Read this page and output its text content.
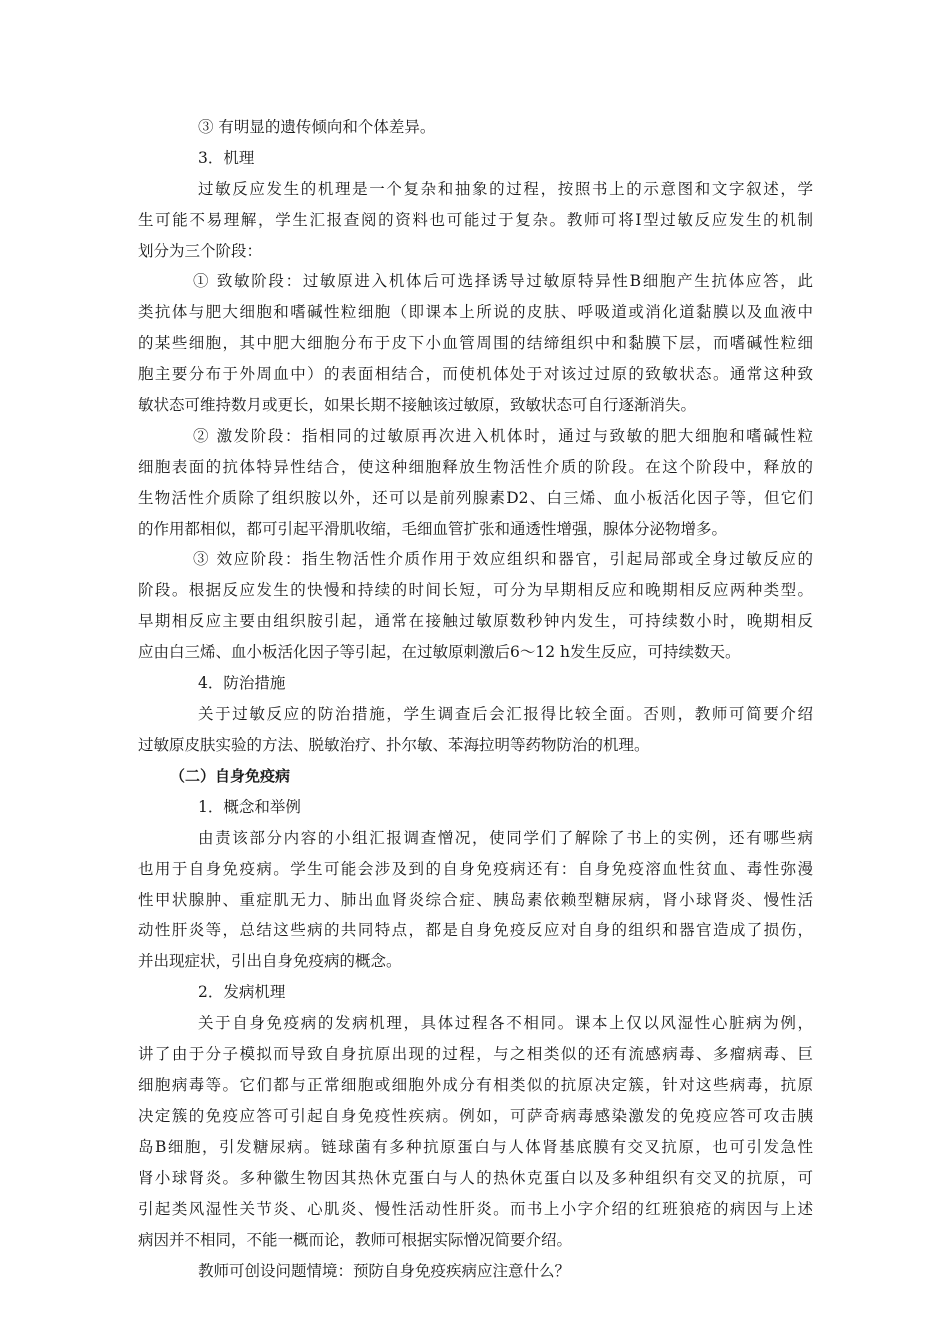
③ 有明显的遗传倾向和个体差异。
3．机理
过敏反应发生的机理是一个复杂和抽象的过程，按照书上的示意图和文字叙述，学
生可能不易理解，学生汇报查阅的资料也可能过于复杂。教师可将Ⅰ型过敏反应发生的机制
划分为三个阶段：
① 致敏阶段：过敏原进入机体后可选择诱导过敏原特异性B细胞产生抗体应答，此
类抗体与肥大细胞和嗜碱性粒细胞（即课本上所说的皮肤、呼吸道或消化道黏膜以及血液中
的某些细胞，其中肥大细胞分布于皮下小血管周围的结缔组织中和黏膜下层，而嗜碱性粒细
胞主要分布于外周血中）的表面相结合，而使机体处于对该过过原的致敏状态。通常这种致
敏状态可维持数月或更长，如果长期不接触该过敏原，致敏状态可自行逐渐消失。
② 激发阶段：指相同的过敏原再次进入机体时，通过与致敏的肥大细胞和嗜碱性粒
细胞表面的抗体特异性结合，使这种细胞释放生物活性介质的阶段。在这个阶段中，释放的
生物活性介质除了组织胺以外，还可以是前列腺素D2、白三烯、血小板活化因子等，但它们
的作用都相似，都可引起平滑肌收缩，毛细血管扩张和通透性增强，腺体分泌物增多。
③ 效应阶段：指生物活性介质作用于效应组织和器官，引起局部或全身过敏反应的
阶段。根据反应发生的快慢和持续的时间长短，可分为早期相反应和晚期相反应两种类型。
早期相反应主要由组织胺引起，通常在接触过敏原数秒钟内发生，可持续数小时，晚期相反
应由白三烯、血小板活化因子等引起，在过敏原刺激后6～12 h发生反应，可持续数天。
4．防治措施
关于过敏反应的防治措施，学生调查后会汇报得比较全面。否则，教师可简要介绍
过敏原皮肤实验的方法、脱敏治疗、扑尔敏、苯海拉明等药物防治的机理。
（二）自身免疫病
1．概念和举例
由责该部分内容的小组汇报调查憎况，使同学们了解除了书上的实例，还有哪些病
也用于自身免疫病。学生可能会涉及到的自身免疫病还有：自身免疫溶血性贫血、毒性弥漫
性甲状腺肿、重症肌无力、肺出血肾炎综合症、胰岛素依赖型糖尿病，肾小球肾炎、慢性活
动性肝炎等，总结这些病的共同特点，都是自身免疫反应对自身的组织和器官造成了损伤，
并出现症状，引出自身免疫病的概念。
2．发病机理
关于自身免疫病的发病机理，具体过程各不相同。课本上仅以风湿性心脏病为例，
讲了由于分子模拟而导致自身抗原出现的过程，与之相类似的还有流感病毒、多瘤病毒、巨
细胞病毒等。它们都与正常细胞或细胞外成分有相类似的抗原决定簇，针对这些病毒，抗原
决定簇的免疫应答可引起自身免疫性疾病。例如，可萨奇病毒感染激发的免疫应答可攻击胰
岛B细胞，引发糖尿病。链球菌有多种抗原蛋白与人体肾基底膜有交叉抗原，也可引发急性
肾小球肾炎。多种徽生物因其热休克蛋白与人的热休克蛋白以及多种组织有交叉的抗原，可
引起类风湿性关节炎、心肌炎、慢性活动性肝炎。而书上小字介绍的红班狼疮的病因与上述
病因并不相同，不能一概而论，教师可根据实际憎况简要介绍。
教师可创设问题情境：预防自身免疫疾病应注意什么？
